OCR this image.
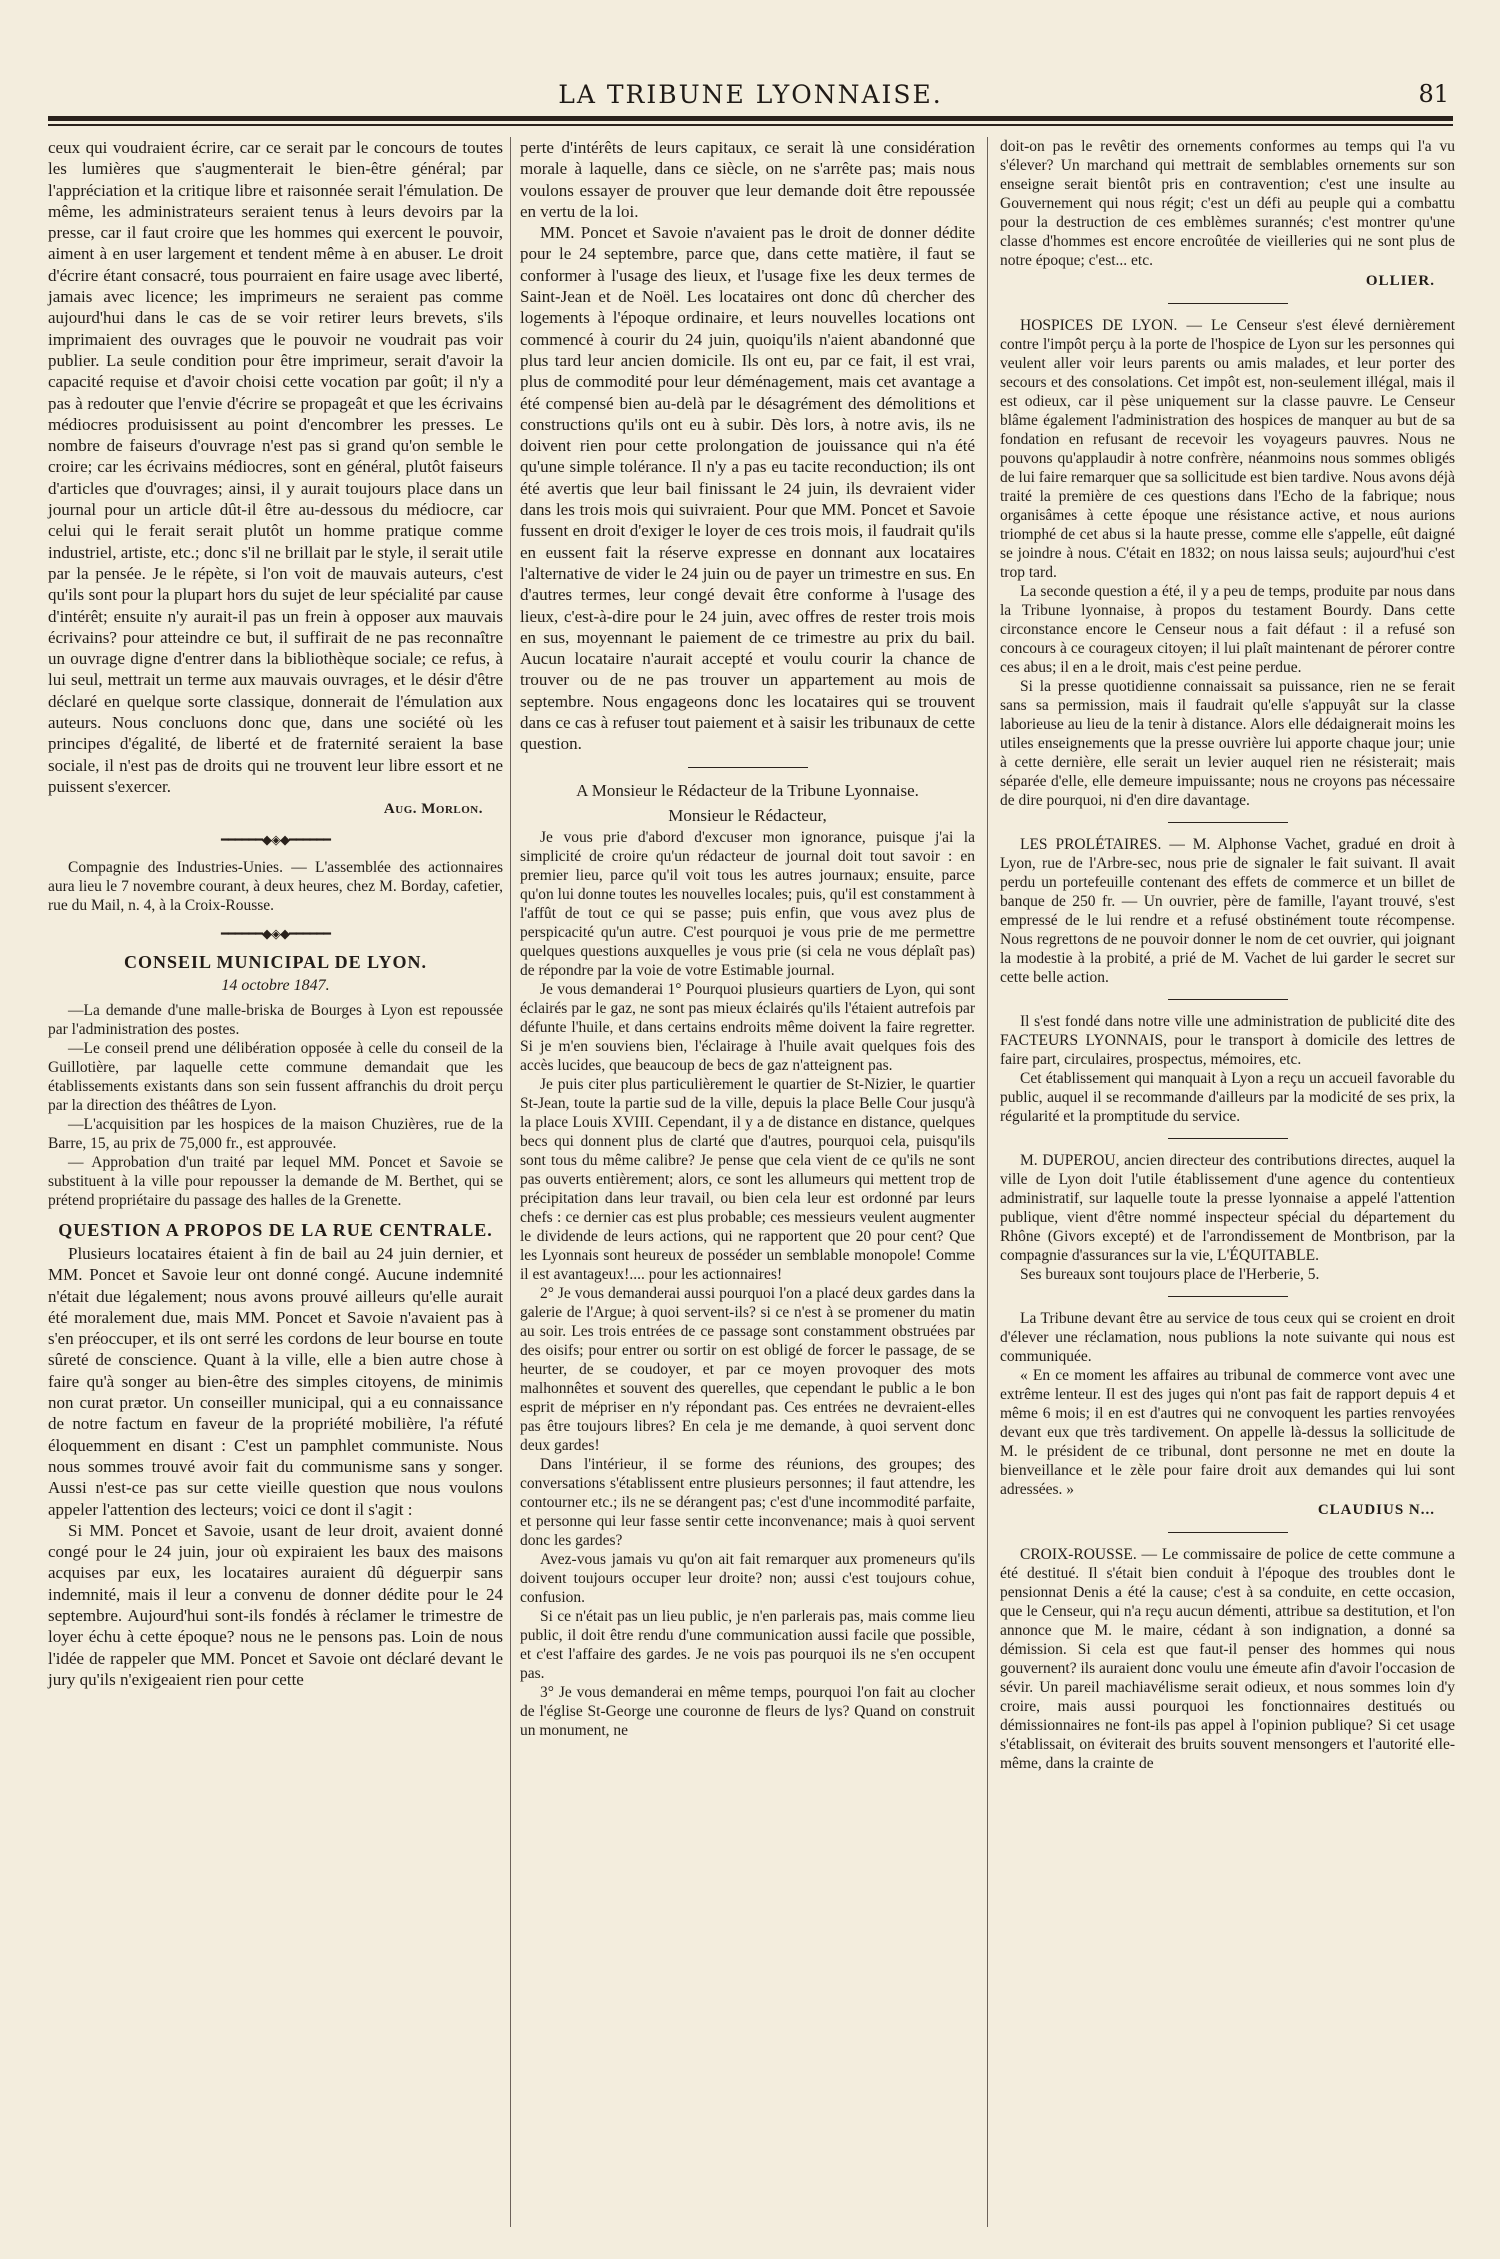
LA TRIBUNE LYONNAISE.	81

ceux qui voudraient écrire, car ce serait par le concours de toutes les lumières que s'augmenterait le bien-être général; par l'appréciation et la critique libre et raisonnée serait l'émulation. De même, les administrateurs seraient tenus à leurs devoirs par la presse, car il faut croire que les hommes qui exercent le pouvoir, aiment à en user largement et tendent même à en abuser. Le droit d'écrire étant consacré, tous pourraient en faire usage avec liberté, jamais avec licence; les imprimeurs ne seraient pas comme aujourd'hui dans le cas de se voir retirer leurs brevets, s'ils imprimaient des ouvrages que le pouvoir ne voudrait pas voir publier. La seule condition pour être imprimeur, serait d'avoir la capacité requise et d'avoir choisi cette vocation par goût; il n'y a pas à redouter que l'envie d'écrire se propageât et que les écrivains médiocres produisissent au point d'encombrer les presses. Le nombre de faiseurs d'ouvrage n'est pas si grand qu'on semble le croire; car les écrivains médiocres, sont en général, plutôt faiseurs d'articles que d'ouvrages; ainsi, il y aurait toujours place dans un journal pour un article dût-il être au-dessous du médiocre, car celui qui le ferait serait plutôt un homme pratique comme industriel, artiste, etc.; donc s'il ne brillait par le style, il serait utile par la pensée. Je le répète, si l'on voit de mauvais auteurs, c'est qu'ils sont pour la plupart hors du sujet de leur spécialité par cause d'intérêt; ensuite n'y aurait-il pas un frein à opposer aux mauvais écrivains? pour atteindre ce but, il suffirait de ne pas reconnaître un ouvrage digne d'entrer dans la bibliothèque sociale; ce refus, à lui seul, mettrait un terme aux mauvais ouvrages, et le désir d'être déclaré en quelque sorte classique, donnerait de l'émulation aux auteurs. Nous concluons donc que, dans une société où les principes d'égalité, de liberté et de fraternité seraient la base sociale, il n'est pas de droits qui ne trouvent leur libre essort et ne puissent s'exercer.

Aug. Morlon.
━━━━━━◆◈◆━━━━━━

Compagnie des Industries-Unies. — L'assemblée des actionnaires aura lieu le 7 novembre courant, à deux heures, chez M. Borday, cafetier, rue du Mail, n. 4, à la Croix-Rousse.

━━━━━━◆◈◆━━━━━━
CONSEIL MUNICIPAL DE LYON.
14 octobre 1847.

—La demande d'une malle-briska de Bourges à Lyon est repoussée par l'administration des postes.

—Le conseil prend une délibération opposée à celle du conseil de la Guillotière, par laquelle cette commune demandait que les établissements existants dans son sein fussent affranchis du droit perçu par la direction des théâtres de Lyon.

—L'acquisition par les hospices de la maison Chuzières, rue de la Barre, 15, au prix de 75,000 fr., est approuvée.

— Approbation d'un traité par lequel MM. Poncet et Savoie se substituent à la ville pour repousser la demande de M. Berthet, qui se prétend propriétaire du passage des halles de la Grenette.

QUESTION A PROPOS DE LA RUE CENTRALE.

Plusieurs locataires étaient à fin de bail au 24 juin dernier, et MM. Poncet et Savoie leur ont donné congé. Aucune indemnité n'était due légalement; nous avons prouvé ailleurs qu'elle aurait été moralement due, mais MM. Poncet et Savoie n'avaient pas à s'en préoccuper, et ils ont serré les cordons de leur bourse en toute sûreté de conscience. Quant à la ville, elle a bien autre chose à faire qu'à songer au bien-être des simples citoyens, de minimis non curat prætor. Un conseiller municipal, qui a eu connaissance de notre factum en faveur de la propriété mobilière, l'a réfuté éloquemment en disant : C'est un pamphlet communiste. Nous nous sommes trouvé avoir fait du communisme sans y songer. Aussi n'est-ce pas sur cette vieille question que nous voulons appeler l'attention des lecteurs; voici ce dont il s'agit :

Si MM. Poncet et Savoie, usant de leur droit, avaient donné congé pour le 24 juin, jour où expiraient les baux des maisons acquises par eux, les locataires auraient dû déguerpir sans indemnité, mais il leur a convenu de donner dédite pour le 24 septembre. Aujourd'hui sont-ils fondés à réclamer le trimestre de loyer échu à cette époque? nous ne le pensons pas. Loin de nous l'idée de rappeler que MM. Poncet et Savoie ont déclaré devant le jury qu'ils n'exigeaient rien pour cette

perte d'intérêts de leurs capitaux, ce serait là une considération morale à laquelle, dans ce siècle, on ne s'arrête pas; mais nous voulons essayer de prouver que leur demande doit être repoussée en vertu de la loi.

MM. Poncet et Savoie n'avaient pas le droit de donner dédite pour le 24 septembre, parce que, dans cette matière, il faut se conformer à l'usage des lieux, et l'usage fixe les deux termes de Saint-Jean et de Noël. Les locataires ont donc dû chercher des logements à l'époque ordinaire, et leurs nouvelles locations ont commencé à courir du 24 juin, quoiqu'ils n'aient abandonné que plus tard leur ancien domicile. Ils ont eu, par ce fait, il est vrai, plus de commodité pour leur déménagement, mais cet avantage a été compensé bien au-delà par le désagrément des démolitions et constructions qu'ils ont eu à subir. Dès lors, à notre avis, ils ne doivent rien pour cette prolongation de jouissance qui n'a été qu'une simple tolérance. Il n'y a pas eu tacite reconduction; ils ont été avertis que leur bail finissant le 24 juin, ils devraient vider dans les trois mois qui suivraient. Pour que MM. Poncet et Savoie fussent en droit d'exiger le loyer de ces trois mois, il faudrait qu'ils en eussent fait la réserve expresse en donnant aux locataires l'alternative de vider le 24 juin ou de payer un trimestre en sus. En d'autres termes, leur congé devait être conforme à l'usage des lieux, c'est-à-dire pour le 24 juin, avec offres de rester trois mois en sus, moyennant le paiement de ce trimestre au prix du bail. Aucun locataire n'aurait accepté et voulu courir la chance de trouver ou de ne pas trouver un appartement au mois de septembre. Nous engageons donc les locataires qui se trouvent dans ce cas à refuser tout paiement et à saisir les tribunaux de cette question.

A Monsieur le Rédacteur de la Tribune Lyonnaise.
Monsieur le Rédacteur,

Je vous prie d'abord d'excuser mon ignorance, puisque j'ai la simplicité de croire qu'un rédacteur de journal doit tout savoir : en premier lieu, parce qu'il voit tous les autres journaux; ensuite, parce qu'on lui donne toutes les nouvelles locales; puis, qu'il est constamment à l'affût de tout ce qui se passe; puis enfin, que vous avez plus de perspicacité qu'un autre. C'est pourquoi je vous prie de me permettre quelques questions auxquelles je vous prie (si cela ne vous déplaît pas) de répondre par la voie de votre Estimable journal.

Je vous demanderai 1° Pourquoi plusieurs quartiers de Lyon, qui sont éclairés par le gaz, ne sont pas mieux éclairés qu'ils l'étaient autrefois par défunte l'huile, et dans certains endroits même doivent la faire regretter. Si je m'en souviens bien, l'éclairage à l'huile avait quelques fois des accès lucides, que beaucoup de becs de gaz n'atteignent pas.

Je puis citer plus particulièrement le quartier de St-Nizier, le quartier St-Jean, toute la partie sud de la ville, depuis la place Belle Cour jusqu'à la place Louis XVIII. Cependant, il y a de distance en distance, quelques becs qui donnent plus de clarté que d'autres, pourquoi cela, puisqu'ils sont tous du même calibre? Je pense que cela vient de ce qu'ils ne sont pas ouverts entièrement; alors, ce sont les allumeurs qui mettent trop de précipitation dans leur travail, ou bien cela leur est ordonné par leurs chefs : ce dernier cas est plus probable; ces messieurs veulent augmenter le dividende de leurs actions, qui ne rapportent que 20 pour cent? Que les Lyonnais sont heureux de posséder un semblable monopole! Comme il est avantageux!.... pour les actionnaires!

2° Je vous demanderai aussi pourquoi l'on a placé deux gardes dans la galerie de l'Argue; à quoi servent-ils? si ce n'est à se promener du matin au soir. Les trois entrées de ce passage sont constamment obstruées par des oisifs; pour entrer ou sortir on est obligé de forcer le passage, de se heurter, de se coudoyer, et par ce moyen provoquer des mots malhonnêtes et souvent des querelles, que cependant le public a le bon esprit de mépriser en n'y répondant pas. Ces entrées ne devraient-elles pas être toujours libres? En cela je me demande, à quoi servent donc deux gardes!

Dans l'intérieur, il se forme des réunions, des groupes; des conversations s'établissent entre plusieurs personnes; il faut attendre, les contourner etc.; ils ne se dérangent pas; c'est d'une incommodité parfaite, et personne qui leur fasse sentir cette inconvenance; mais à quoi servent donc les gardes?

Avez-vous jamais vu qu'on ait fait remarquer aux promeneurs qu'ils doivent toujours occuper leur droite? non; aussi c'est toujours cohue, confusion.

Si ce n'était pas un lieu public, je n'en parlerais pas, mais comme lieu public, il doit être rendu d'une communication aussi facile que possible, et c'est l'affaire des gardes. Je ne vois pas pourquoi ils ne s'en occupent pas.

3° Je vous demanderai en même temps, pourquoi l'on fait au clocher de l'église St-George une couronne de fleurs de lys? Quand on construit un monument, ne

doit-on pas le revêtir des ornements conformes au temps qui l'a vu s'élever? Un marchand qui mettrait de semblables ornements sur son enseigne serait bientôt pris en contravention; c'est une insulte au Gouvernement qui nous régit; c'est un défi au peuple qui a combattu pour la destruction de ces emblèmes surannés; c'est montrer qu'une classe d'hommes est encore encroûtée de vieilleries qui ne sont plus de notre époque; c'est... etc.

OLLIER.

HOSPICES DE LYON. — Le Censeur s'est élevé dernièrement contre l'impôt perçu à la porte de l'hospice de Lyon sur les personnes qui veulent aller voir leurs parents ou amis malades, et leur porter des secours et des consolations. Cet impôt est, non-seulement illégal, mais il est odieux, car il pèse uniquement sur la classe pauvre. Le Censeur blâme également l'administration des hospices de manquer au but de sa fondation en refusant de recevoir les voyageurs pauvres. Nous ne pouvons qu'applaudir à notre confrère, néanmoins nous sommes obligés de lui faire remarquer que sa sollicitude est bien tardive. Nous avons déjà traité la première de ces questions dans l'Echo de la fabrique; nous organisâmes à cette époque une résistance active, et nous aurions triomphé de cet abus si la haute presse, comme elle s'appelle, eût daigné se joindre à nous. C'était en 1832; on nous laissa seuls; aujourd'hui c'est trop tard.

La seconde question a été, il y a peu de temps, produite par nous dans la Tribune lyonnaise, à propos du testament Bourdy. Dans cette circonstance encore le Censeur nous a fait défaut : il a refusé son concours à ce courageux citoyen; il lui plaît maintenant de pérorer contre ces abus; il en a le droit, mais c'est peine perdue.

Si la presse quotidienne connaissait sa puissance, rien ne se ferait sans sa permission, mais il faudrait qu'elle s'appuyât sur la classe laborieuse au lieu de la tenir à distance. Alors elle dédaignerait moins les utiles enseignements que la presse ouvrière lui apporte chaque jour; unie à cette dernière, elle serait un levier auquel rien ne résisterait; mais séparée d'elle, elle demeure impuissante; nous ne croyons pas nécessaire de dire pourquoi, ni d'en dire davantage.

LES PROLÉTAIRES. — M. Alphonse Vachet, gradué en droit à Lyon, rue de l'Arbre-sec, nous prie de signaler le fait suivant. Il avait perdu un portefeuille contenant des effets de commerce et un billet de banque de 250 fr. — Un ouvrier, père de famille, l'ayant trouvé, s'est empressé de le lui rendre et a refusé obstinément toute récompense. Nous regrettons de ne pouvoir donner le nom de cet ouvrier, qui joignant la modestie à la probité, a prié de M. Vachet de lui garder le secret sur cette belle action.

Il s'est fondé dans notre ville une administration de publicité dite des FACTEURS LYONNAIS, pour le transport à domicile des lettres de faire part, circulaires, prospectus, mémoires, etc.

Cet établissement qui manquait à Lyon a reçu un accueil favorable du public, auquel il se recommande d'ailleurs par la modicité de ses prix, la régularité et la promptitude du service.

M. DUPEROU, ancien directeur des contributions directes, auquel la ville de Lyon doit l'utile établissement d'une agence du contentieux administratif, sur laquelle toute la presse lyonnaise a appelé l'attention publique, vient d'être nommé inspecteur spécial du département du Rhône (Givors excepté) et de l'arrondissement de Montbrison, par la compagnie d'assurances sur la vie, L'ÉQUITABLE.

Ses bureaux sont toujours place de l'Herberie, 5.

La Tribune devant être au service de tous ceux qui se croient en droit d'élever une réclamation, nous publions la note suivante qui nous est communiquée.

« En ce moment les affaires au tribunal de commerce vont avec une extrême lenteur. Il est des juges qui n'ont pas fait de rapport depuis 4 et même 6 mois; il en est d'autres qui ne convoquent les parties renvoyées devant eux que très tardivement. On appelle là-dessus la sollicitude de M. le président de ce tribunal, dont personne ne met en doute la bienveillance et le zèle pour faire droit aux demandes qui lui sont adressées. »

CLAUDIUS N...

CROIX-ROUSSE. — Le commissaire de police de cette commune a été destitué. Il s'était bien conduit à l'époque des troubles dont le pensionnat Denis a été la cause; c'est à sa conduite, en cette occasion, que le Censeur, qui n'a reçu aucun démenti, attribue sa destitution, et l'on annonce que M. le maire, cédant à son indignation, a donné sa démission. Si cela est que faut-il penser des hommes qui nous gouvernent? ils auraient donc voulu une émeute afin d'avoir l'occasion de sévir. Un pareil machiavélisme serait odieux, et nous sommes loin d'y croire, mais aussi pourquoi les fonctionnaires destitués ou démissionnaires ne font-ils pas appel à l'opinion publique? Si cet usage s'établissait, on éviterait des bruits souvent mensongers et l'autorité elle-même, dans la crainte de
